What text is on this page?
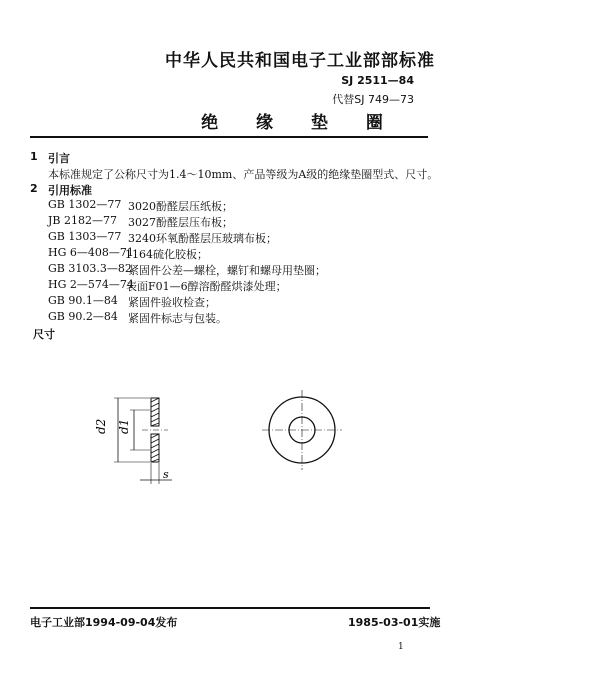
中华人民共和国电子工业部部标准
SJ 2511—84
代替SJ 749—73
绝 缘 垫 圈
1 引言
本标准规定了公称尺寸为1.4～10mm、产品等级为A级的绝缘垫圈型式、尺寸。
2 引用标准
GB 1302—77 3020酚醛层压纸板；
JB 2182—77 3027酚醛层压布板；
GB 1303—77 3240环氧酚醛层压玻璃布板；
HG 6—408—71
1164硫化胶板；
GB 3103.3—82
紧固件公差—螺栓，螺钉和螺母用垫圈；
HG 2—574—74
表面F01—6醇溶酚醛烘漆处理；
GB 90.1—84 紧固件验收检查；
GB 90.2—84 紧固件标志与包装。
尺寸
d2 d1
s
电子工业部1994-09-04发布	1985-03-01实施
1
